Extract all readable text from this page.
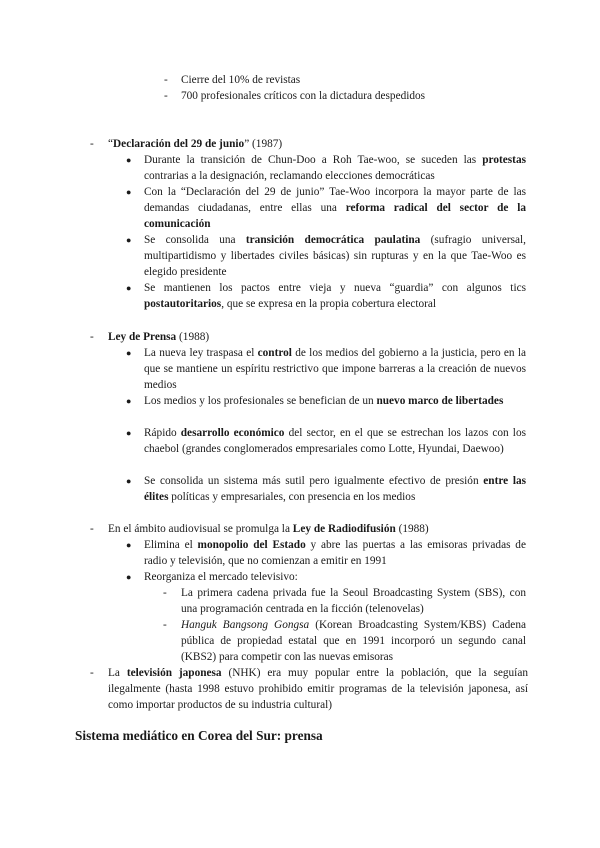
- Cierre del 10% de revistas
- 700 profesionales críticos con la dictadura despedidos
- “Declaración del 29 de junio” (1987)
● Durante la transición de Chun-Doo a Roh Tae-woo, se suceden las protestas contrarias a la designación, reclamando elecciones democráticas
● Con la “Declaración del 29 de junio” Tae-Woo incorpora la mayor parte de las demandas ciudadanas, entre ellas una reforma radical del sector de la comunicación
● Se consolida una transición democrática paulatina (sufragio universal, multipartidismo y libertades civiles básicas) sin rupturas y en la que Tae-Woo es elegido presidente
● Se mantienen los pactos entre vieja y nueva “guardia” con algunos tics postautoritarios, que se expresa en la propia cobertura electoral
- Ley de Prensa (1988)
● La nueva ley traspasa el control de los medios del gobierno a la justicia, pero en la que se mantiene un espíritu restrictivo que impone barreras a la creación de nuevos medios
● Los medios y los profesionales se benefician de un nuevo marco de libertades
● Rápido desarrollo económico del sector, en el que se estrechan los lazos con los chaebol (grandes conglomerados empresariales como Lotte, Hyundai, Daewoo)
● Se consolida un sistema más sutil pero igualmente efectivo de presión entre las élites políticas y empresariales, con presencia en los medios
- En el ámbito audiovisual se promulga la Ley de Radiodifusión (1988)
● Elimina el monopolio del Estado y abre las puertas a las emisoras privadas de radio y televisión, que no comienzan a emitir en 1991
● Reorganiza el mercado televisivo:
- La primera cadena privada fue la Seoul Broadcasting System (SBS), con una programación centrada en la ficción (telenovelas)
- Hanguk Bangsong Gongsa (Korean Broadcasting System/KBS) Cadena pública de propiedad estatal que en 1991 incorporó un segundo canal (KBS2) para competir con las nuevas emisoras
- La televisión japonesa (NHK) era muy popular entre la población, que la seguían ilegalmente (hasta 1998 estuvo prohibido emitir programas de la televisión japonesa, así como importar productos de su industria cultural)
Sistema mediático en Corea del Sur: prensa
